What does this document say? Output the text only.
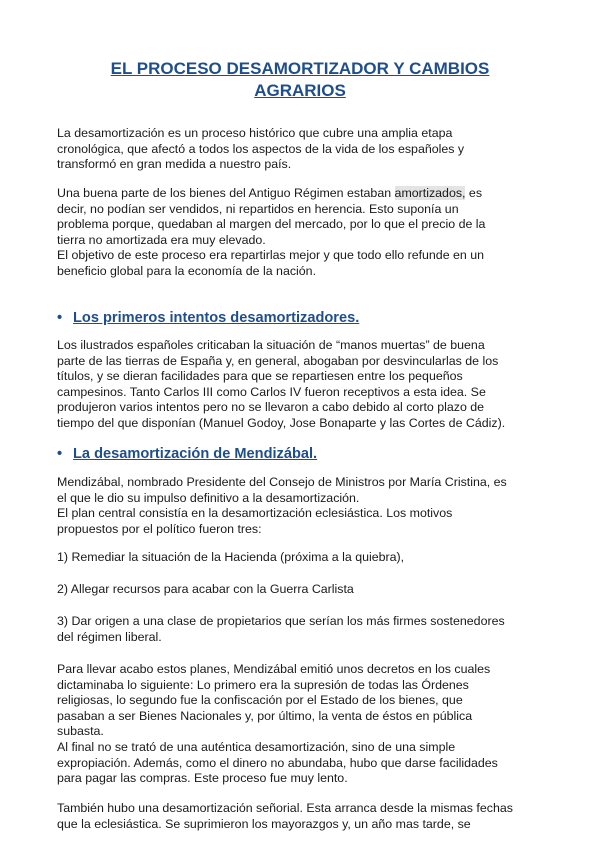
EL PROCESO DESAMORTIZADOR Y CAMBIOS
AGRARIOS

La desamortización es un proceso histórico que cubre una amplia etapa
cronológica, que afectó a todos los aspectos de la vida de los españoles y
transformó en gran medida a nuestro país.

Una buena parte de los bienes del Antiguo Régimen estaban amortizados, es
decir, no podían ser vendidos, ni repartidos en herencia. Esto suponía un
problema porque, quedaban al margen del mercado, por lo que el precio de la
tierra no amortizada era muy elevado.
El objetivo de este proceso era repartirlas mejor y que todo ello refunde en un
beneficio global para la economía de la nación.

• Los primeros intentos desamortizadores.

Los ilustrados españoles criticaban la situación de “manos muertas” de buena
parte de las tierras de España y, en general, abogaban por desvincularlas de los
títulos, y se dieran facilidades para que se repartiesen entre los pequeños
campesinos. Tanto Carlos III como Carlos IV fueron receptivos a esta idea. Se
produjeron varios intentos pero no se llevaron a cabo debido al corto plazo de
tiempo del que disponían (Manuel Godoy, Jose Bonaparte y las Cortes de Cádiz).

• La desamortización de Mendizábal.

Mendizábal, nombrado Presidente del Consejo de Ministros por María Cristina, es
el que le dio su impulso definitivo a la desamortización.
El plan central consistía en la desamortización eclesiástica. Los motivos
propuestos por el político fueron tres:

1) Remediar la situación de la Hacienda (próxima a la quiebra),

2) Allegar recursos para acabar con la Guerra Carlista

3) Dar origen a una clase de propietarios que serían los más firmes sostenedores
del régimen liberal.

Para llevar acabo estos planes, Mendizábal emitió unos decretos en los cuales
dictaminaba lo siguiente: Lo primero era la supresión de todas las Órdenes
religiosas, lo segundo fue la confiscación por el Estado de los bienes, que
pasaban a ser Bienes Nacionales y, por último, la venta de éstos en pública
subasta.
Al final no se trató de una auténtica desamortización, sino de una simple
expropiación. Además, como el dinero no abundaba, hubo que darse facilidades
para pagar las compras. Este proceso fue muy lento.

También hubo una desamortización señorial. Esta arranca desde la mismas fechas
que la eclesiástica. Se suprimieron los mayorazgos y, un año mas tarde, se
